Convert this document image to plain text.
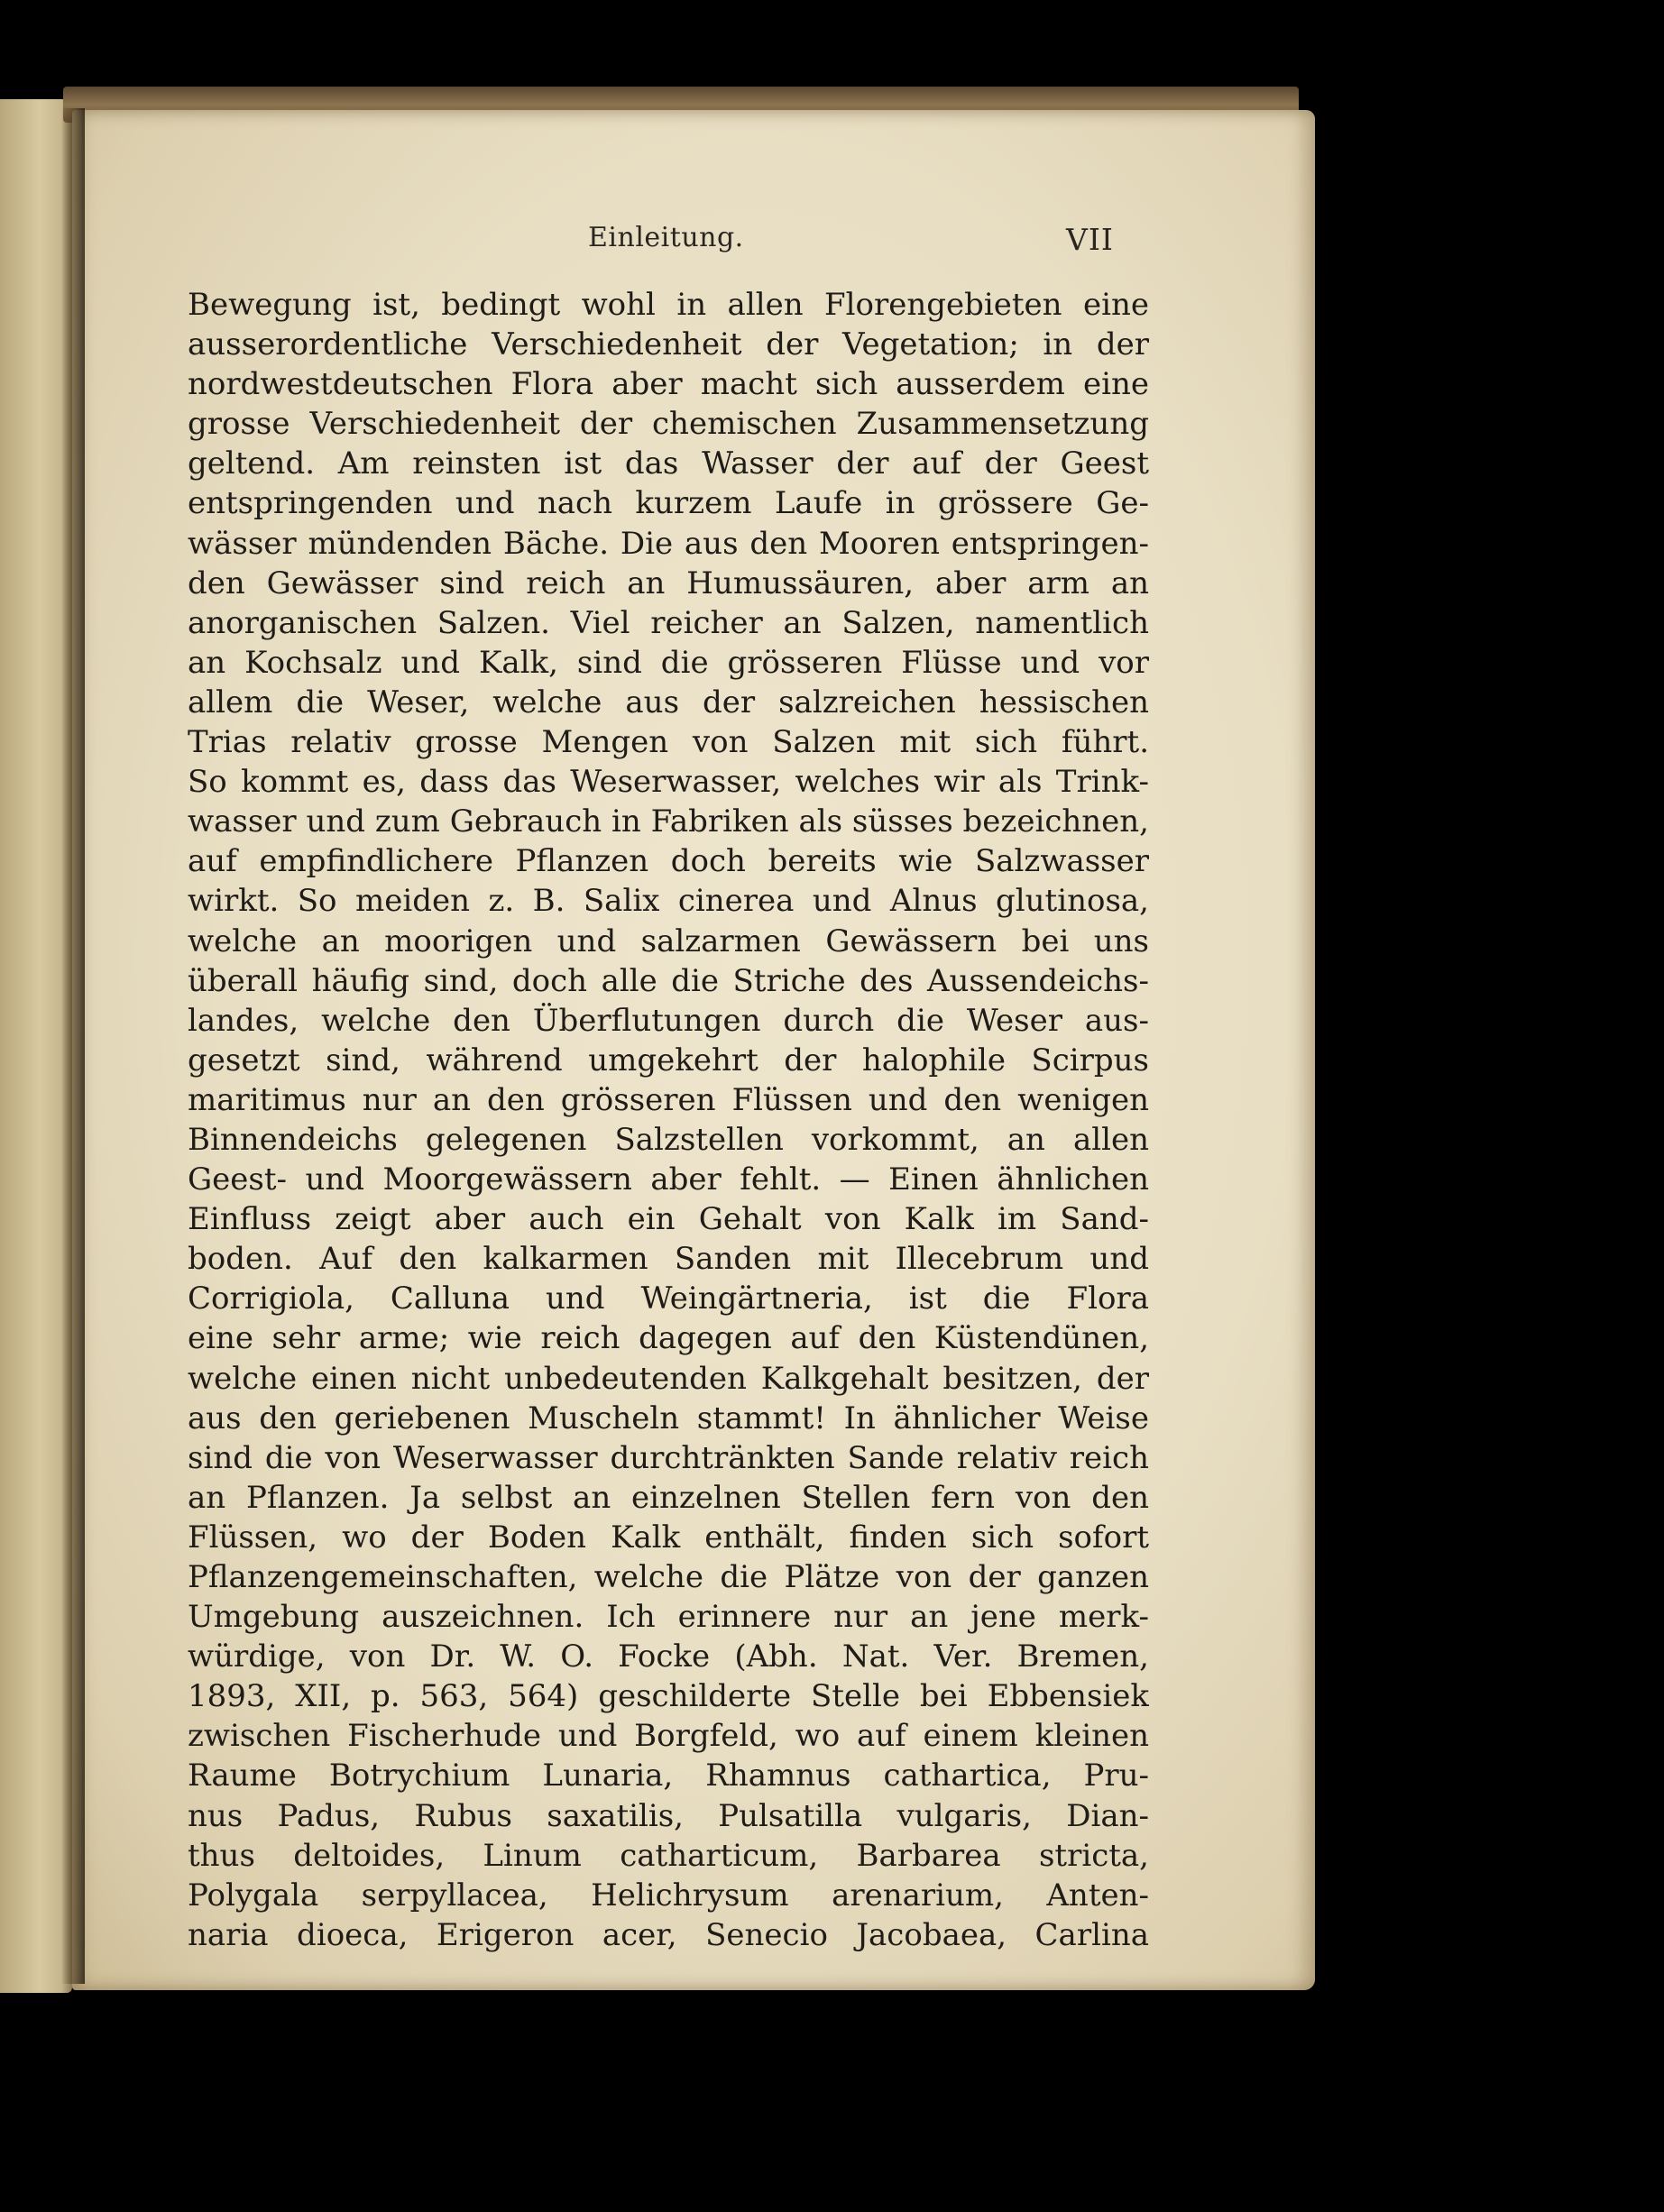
Einleitung.	VII
Bewegung ist, bedingt wohl in allen Florengebieten eine
ausserordentliche Verschiedenheit der Vegetation; in der
nordwestdeutschen Flora aber macht sich ausserdem eine
grosse Verschiedenheit der chemischen Zusammensetzung
geltend. Am reinsten ist das Wasser der auf der Geest
entspringenden und nach kurzem Laufe in grössere Ge-
wässer mündenden Bäche. Die aus den Mooren entspringen-
den Gewässer sind reich an Humussäuren, aber arm an
anorganischen Salzen. Viel reicher an Salzen, namentlich
an Kochsalz und Kalk, sind die grösseren Flüsse und vor
allem die Weser, welche aus der salzreichen hessischen
Trias relativ grosse Mengen von Salzen mit sich führt.
So kommt es, dass das Weserwasser, welches wir als Trink-
wasser und zum Gebrauch in Fabriken als süsses bezeichnen,
auf empfindlichere Pflanzen doch bereits wie Salzwasser
wirkt. So meiden z. B. Salix cinerea und Alnus glutinosa,
welche an moorigen und salzarmen Gewässern bei uns
überall häufig sind, doch alle die Striche des Aussendeichs-
landes, welche den Überflutungen durch die Weser aus-
gesetzt sind, während umgekehrt der halophile Scirpus
maritimus nur an den grösseren Flüssen und den wenigen
Binnendeichs gelegenen Salzstellen vorkommt, an allen
Geest- und Moorgewässern aber fehlt. — Einen ähnlichen
Einfluss zeigt aber auch ein Gehalt von Kalk im Sand-
boden. Auf den kalkarmen Sanden mit Illecebrum und
Corrigiola, Calluna und Weingärtneria, ist die Flora
eine sehr arme; wie reich dagegen auf den Küstendünen,
welche einen nicht unbedeutenden Kalkgehalt besitzen, der
aus den geriebenen Muscheln stammt! In ähnlicher Weise
sind die von Weserwasser durchtränkten Sande relativ reich
an Pflanzen. Ja selbst an einzelnen Stellen fern von den
Flüssen, wo der Boden Kalk enthält, finden sich sofort
Pflanzengemeinschaften, welche die Plätze von der ganzen
Umgebung auszeichnen. Ich erinnere nur an jene merk-
würdige, von Dr. W. O. Focke (Abh. Nat. Ver. Bremen,
1893, XII, p. 563, 564) geschilderte Stelle bei Ebbensiek
zwischen Fischerhude und Borgfeld, wo auf einem kleinen
Raume Botrychium Lunaria, Rhamnus cathartica, Pru-
nus Padus, Rubus saxatilis, Pulsatilla vulgaris, Dian-
thus deltoides, Linum catharticum, Barbarea stricta,
Polygala serpyllacea, Helichrysum arenarium, Anten-
naria dioeca, Erigeron acer, Senecio Jacobaea, Carlina
